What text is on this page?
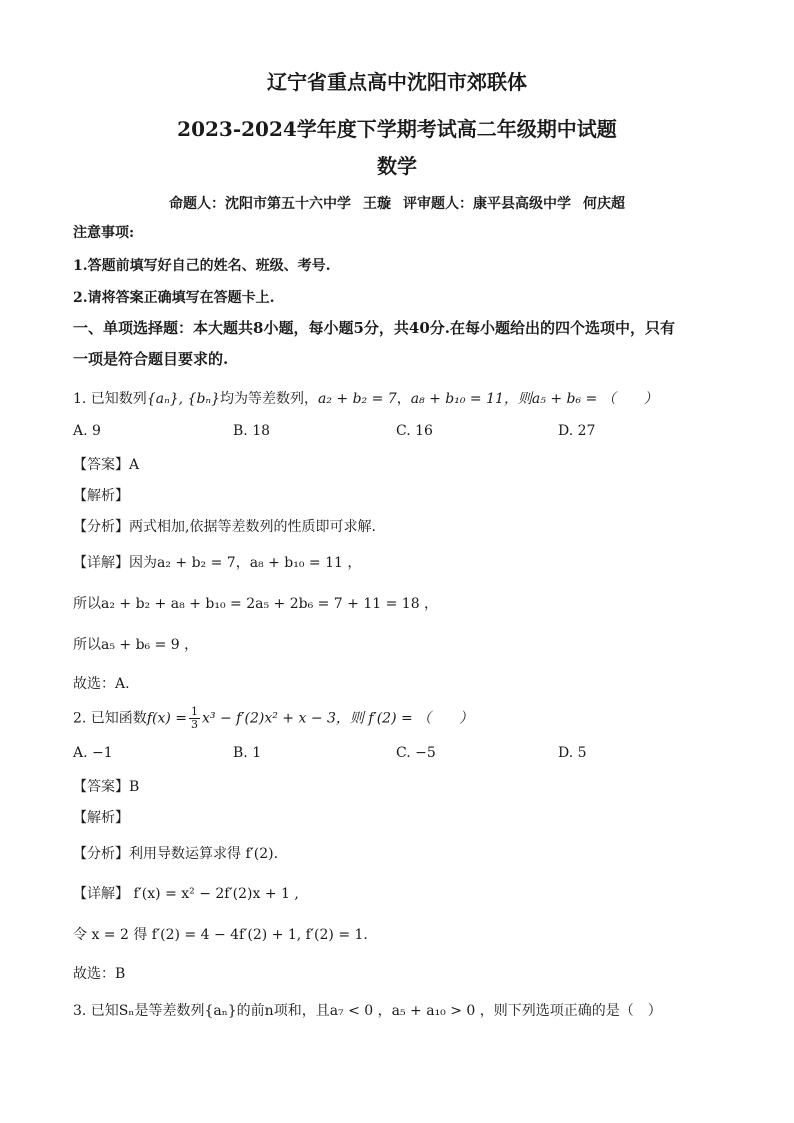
辽宁省重点高中沈阳市郊联体
2023-2024学年度下学期考试高二年级期中试题
数学
命题人：沈阳市第五十六中学 王璇 评审题人：康平县高级中学 何庆超
注意事项:
1.答题前填写好自己的姓名、班级、考号.
2.请将答案正确填写在答题卡上.
一、单项选择题：本大题共8小题，每小题5分，共40分.在每小题给出的四个选项中，只有
一项是符合题目要求的.
1. 已知数列{aₙ}, {bₙ}均为等差数列，a₂ + b₂ = 7，a₈ + b₁₀ = 11，则a₅ + b₆ = （　　）
A. 9	B. 18	C. 16	D. 27
【答案】A
【解析】
【分析】两式相加,依据等差数列的性质即可求解.
【详解】因为a₂ + b₂ = 7，a₈ + b₁₀ = 11 ，
所以a₂ + b₂ + a₈ + b₁₀ = 2a₅ + 2b₆ = 7 + 11 = 18 ，
所以a₅ + b₆ = 9 ，
故选：A.
2. 已知函数$f(x) = \frac{1}{3} x^3 - f'(2)x^2 + x - 3$，则 f′(2) = （　　）
A. −1	B. 1	C. −5	D. 5
【答案】B
【解析】
【分析】利用导数运算求得 f′(2).
【详解】 f′(x) = x² − 2f′(2)x + 1 ,
令 x = 2 得 f′(2) = 4 − 4f′(2) + 1, f′(2) = 1.
故选：B
3. 已知Sₙ是等差数列{aₙ}的前n项和，且a₇ < 0 ，a₅ + a₁₀ > 0 ，则下列选项正确的是（　）
